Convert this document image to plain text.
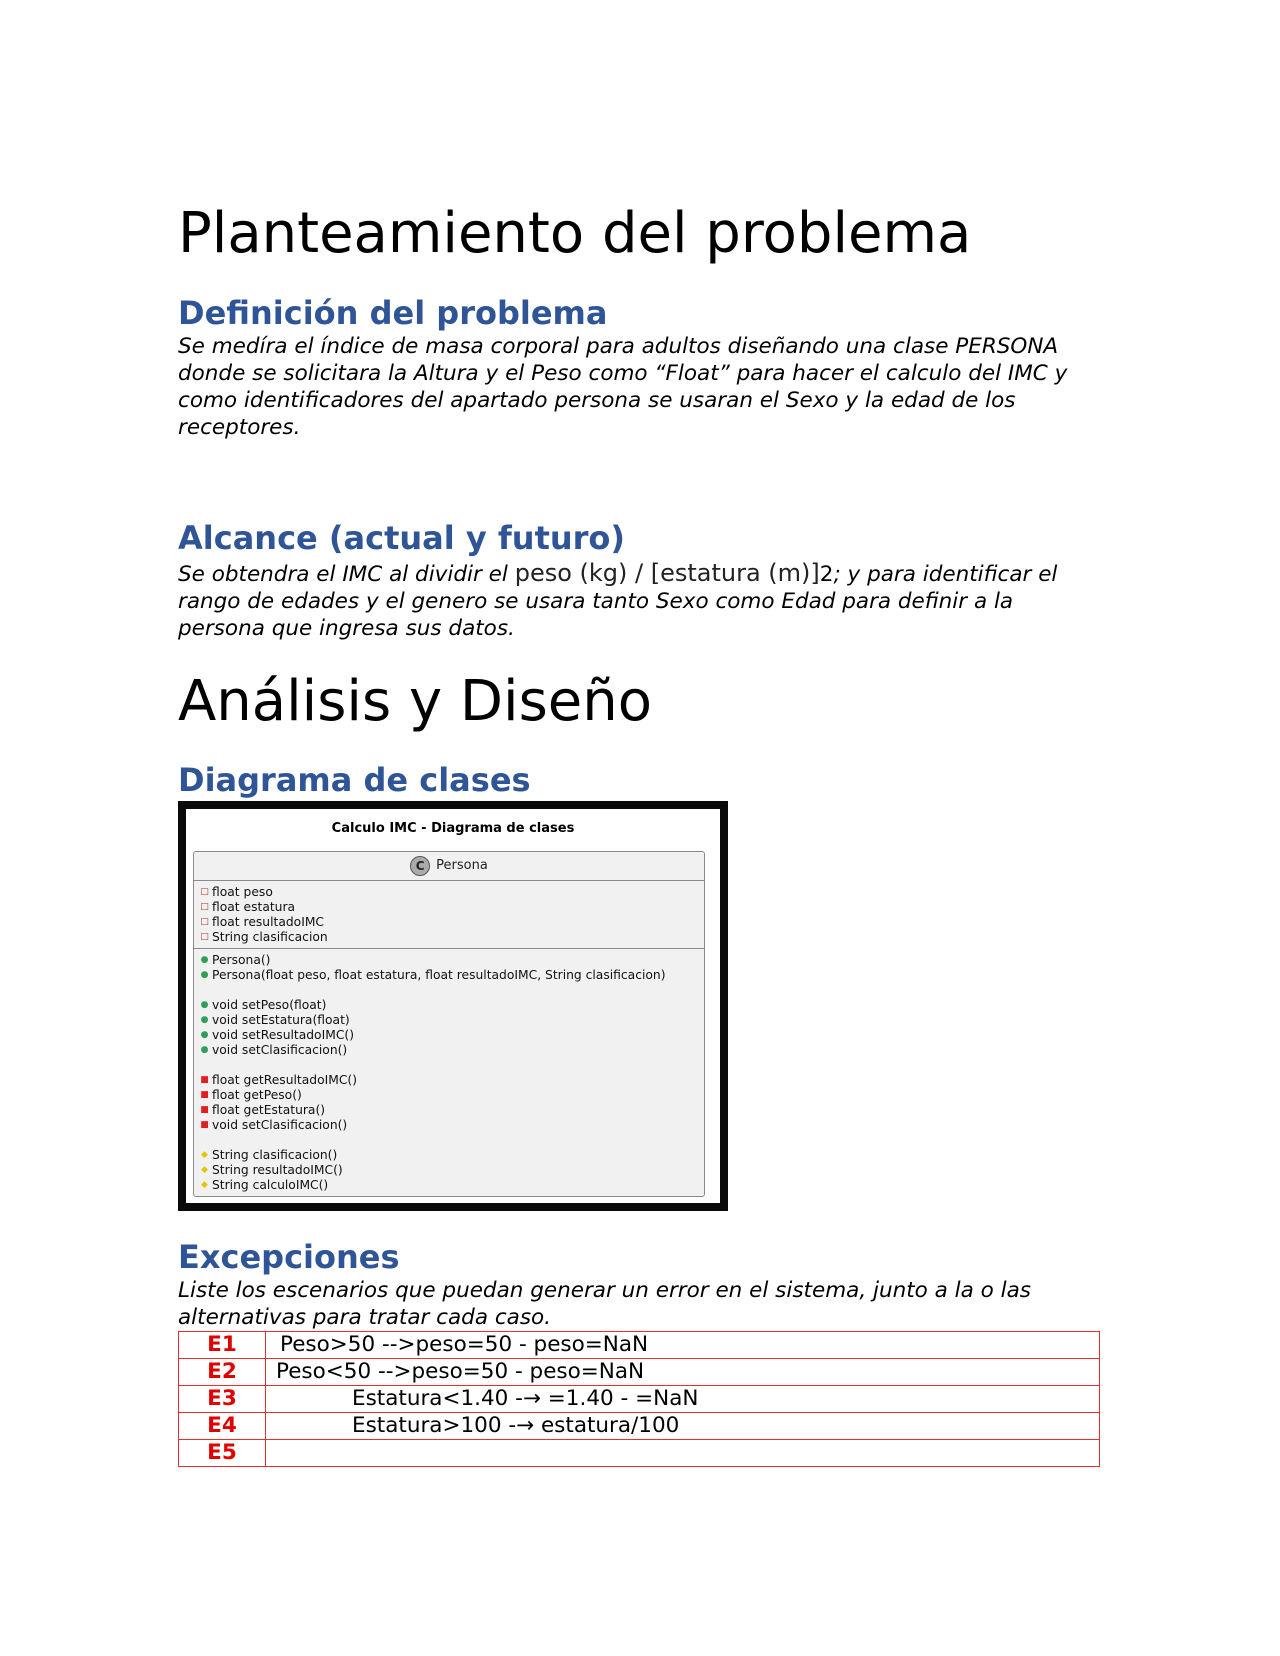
Planteamiento del problema
Definición del problema

Se medíra el índice de masa corporal para adultos diseñando una clase PERSONA donde se solicitara la Altura y el Peso como “Float” para hacer el calculo del IMC y como identificadores del apartado persona se usaran el Sexo y la edad de los receptores.

Alcance (actual y futuro)

Se obtendra el IMC al dividir el peso (kg) / [estatura (m)]2; y para identificar el rango de edades y el genero se usara tanto Sexo como Edad para definir a la persona que ingresa sus datos.

Análisis y Diseño
Diagrama de clases
Calculo IMC - Diagrama de clases
C Persona
□ float peso
□ float estatura
□ float resultadoIMC
□ String clasificacion
● Persona()
● Persona(float peso, float estatura, float resultadoIMC, String clasificacion)
● void setPeso(float)
● void setEstatura(float)
● void setResultadoIMC()
● void setClasificacion()
■ float getResultadoIMC()
■ float getPeso()
■ float getEstatura()
■ void setClasificacion()
◆ String clasificacion()
◆ String resultadoIMC()
◆ String calculoIMC()
Excepciones

Liste los escenarios que puedan generar un error en el sistema, junto a la o las alternativas para tratar cada caso.

E1	Peso>50 -->peso=50 - peso=NaN
E2	Peso<50 -->peso=50 - peso=NaN
E3	Estatura<1.40 -→ =1.40 - =NaN
E4	Estatura>100 -→ estatura/100
E5	
